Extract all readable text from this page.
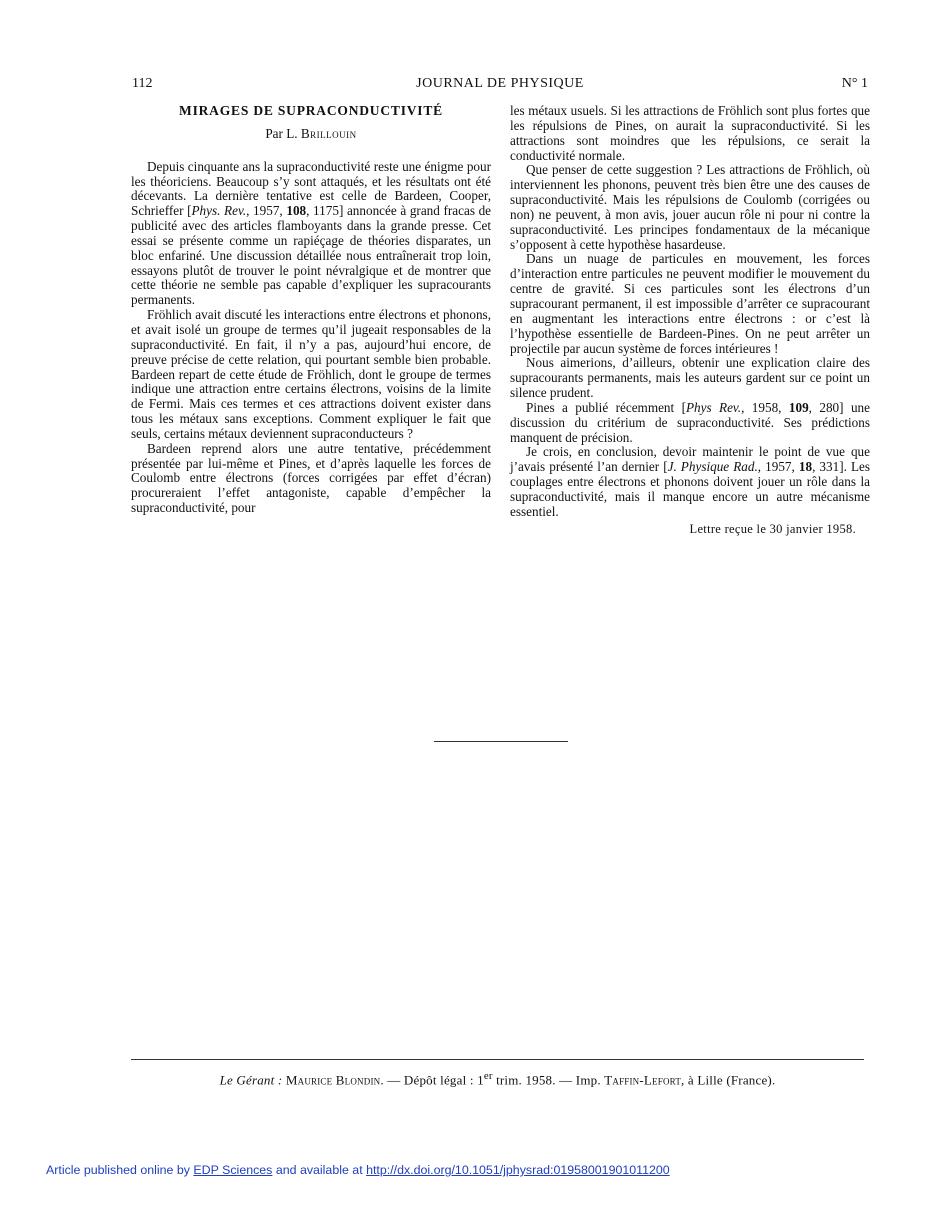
112	JOURNAL DE PHYSIQUE	N° 1
MIRAGES DE SUPRACONDUCTIVITÉ
Par L. Brillouin

Depuis cinquante ans la supraconductivité reste une énigme pour les théoriciens. Beaucoup s’y sont attaqués, et les résultats ont été décevants. La dernière tentative est celle de Bardeen, Cooper, Schrieffer [Phys. Rev., 1957, 108, 1175] annoncée à grand fracas de publicité avec des articles flamboyants dans la grande presse. Cet essai se présente comme un rapiéçage de théories disparates, un bloc enfariné. Une discussion détaillée nous entraînerait trop loin, essayons plutôt de trouver le point névralgique et de montrer que cette théorie ne semble pas capable d’expliquer les supracourants permanents.

Fröhlich avait discuté les interactions entre électrons et phonons, et avait isolé un groupe de termes qu’il jugeait responsables de la supraconductivité. En fait, il n’y a pas, aujourd’hui encore, de preuve précise de cette relation, qui pourtant semble bien probable. Bardeen repart de cette étude de Fröhlich, dont le groupe de termes indique une attraction entre certains électrons, voisins de la limite de Fermi. Mais ces termes et ces attractions doivent exister dans tous les métaux sans exceptions. Comment expliquer le fait que seuls, certains métaux deviennent supraconducteurs ?

Bardeen reprend alors une autre tentative, précédemment présentée par lui-même et Pines, et d’après laquelle les forces de Coulomb entre électrons (forces corrigées par effet d’écran) procureraient l’effet antagoniste, capable d’empêcher la supraconductivité, pour

les métaux usuels. Si les attractions de Fröhlich sont plus fortes que les répulsions de Pines, on aurait la supraconductivité. Si les attractions sont moindres que les répulsions, ce serait la conductivité normale.

Que penser de cette suggestion ? Les attractions de Fröhlich, où interviennent les phonons, peuvent très bien être une des causes de supraconductivité. Mais les répulsions de Coulomb (corrigées ou non) ne peuvent, à mon avis, jouer aucun rôle ni pour ni contre la supraconductivité. Les principes fondamentaux de la mécanique s’opposent à cette hypothèse hasardeuse.

Dans un nuage de particules en mouvement, les forces d’interaction entre particules ne peuvent modifier le mouvement du centre de gravité. Si ces particules sont les électrons d’un supracourant permanent, il est impossible d’arrêter ce supracourant en augmentant les interactions entre électrons : or c’est là l’hypothèse essentielle de Bardeen-Pines. On ne peut arrêter un projectile par aucun système de forces intérieures !

Nous aimerions, d’ailleurs, obtenir une explication claire des supracourants permanents, mais les auteurs gardent sur ce point un silence prudent.

Pines a publié récemment [Phys Rev., 1958, 109, 280] une discussion du critérium de supraconductivité. Ses prédictions manquent de précision.

Je crois, en conclusion, devoir maintenir le point de vue que j’avais présenté l’an dernier [J. Physique Rad., 1957, 18, 331]. Les couplages entre électrons et phonons doivent jouer un rôle dans la supraconductivité, mais il manque encore un autre mécanisme essentiel.

Lettre reçue le 30 janvier 1958.
Le Gérant : Maurice Blondin. — Dépôt légal : 1er trim. 1958. — Imp. Taffin-Lefort, à Lille (France).
Article published online by EDP Sciences and available at http://dx.doi.org/10.1051/jphysrad:01958001901011200
